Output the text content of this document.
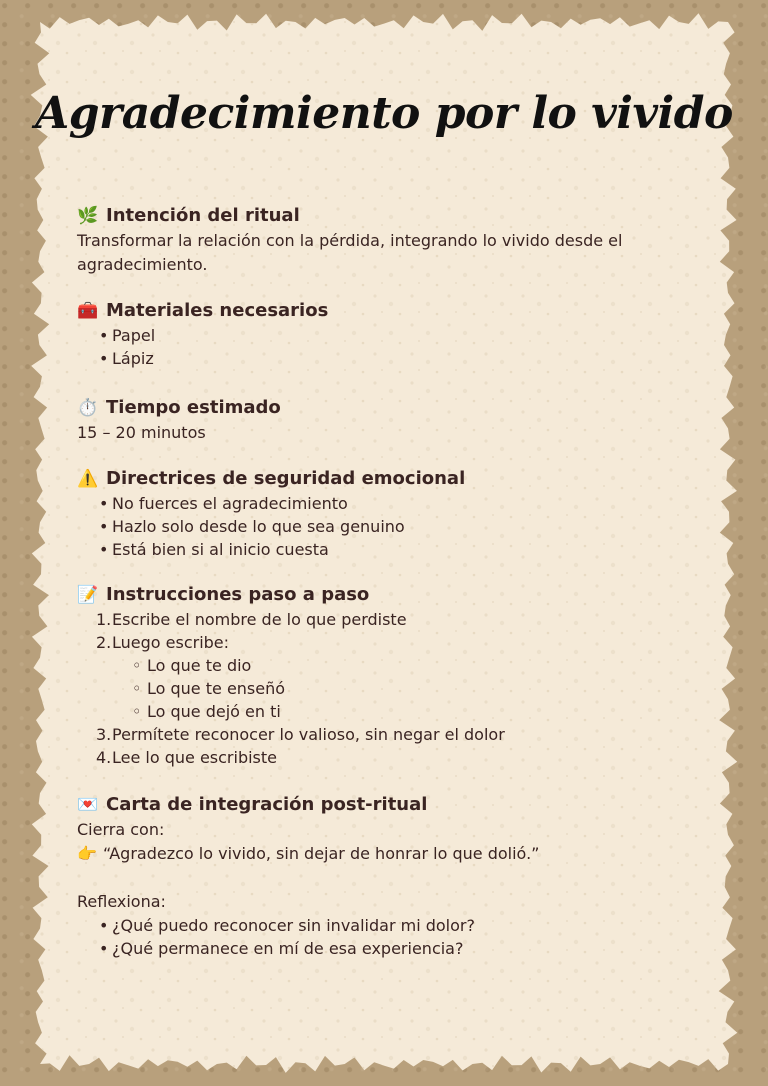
Agradecimiento por lo vivido
🌿 Intención del ritual
Transformar la relación con la pérdida, integrando lo vivido desde el
agradecimiento.
🧰 Materiales necesarios
• Papel
• Lápiz
⏱️ Tiempo estimado
15 – 20 minutos
⚠️ Directrices de seguridad emocional
• No fuerces el agradecimiento
• Hazlo solo desde lo que sea genuino
• Está bien si al inicio cuesta
📝 Instrucciones paso a paso
1. Escribe el nombre de lo que perdiste
2. Luego escribe:
◦ Lo que te dio
◦ Lo que te enseñó
◦ Lo que dejó en ti
3. Permítete reconocer lo valioso, sin negar el dolor
4. Lee lo que escribiste
💌 Carta de integración post-ritual
Cierra con:
👉 “Agradezco lo vivido, sin dejar de honrar lo que dolió.”
Reflexiona:
• ¿Qué puedo reconocer sin invalidar mi dolor?
• ¿Qué permanece en mí de esa experiencia?
